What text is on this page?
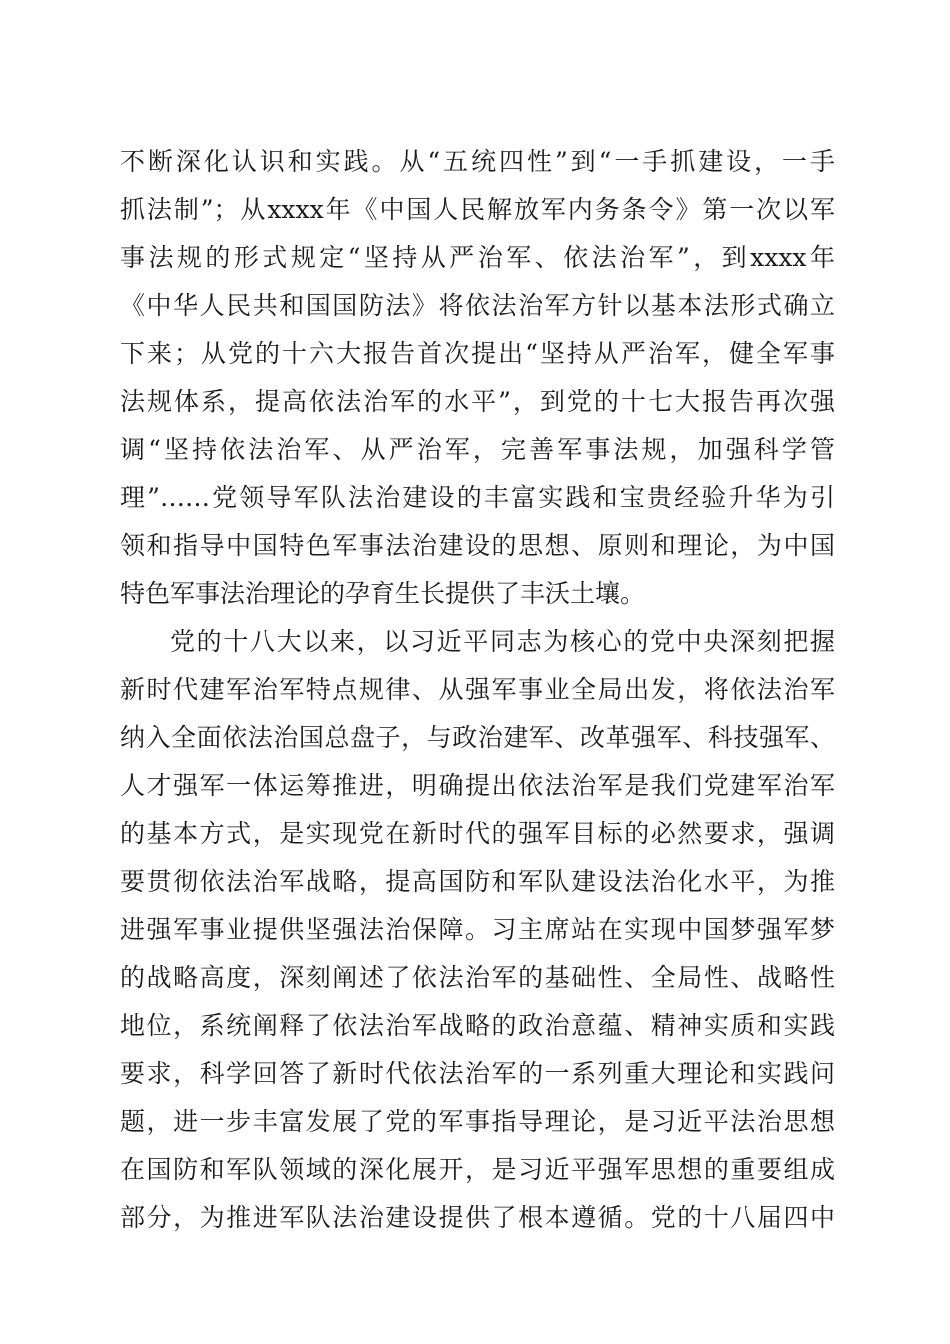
不断深化认识和实践。从“五统四性”到“一手抓建设，一手
抓法制”；从xxxx年《中国人民解放军内务条令》第一次以军
事法规的形式规定“坚持从严治军、依法治军”，到xxxx年
《中华人民共和国国防法》将依法治军方针以基本法形式确立
下来；从党的十六大报告首次提出“坚持从严治军，健全军事
法规体系，提高依法治军的水平”，到党的十七大报告再次强
调“坚持依法治军、从严治军，完善军事法规，加强科学管
理”……党领导军队法治建设的丰富实践和宝贵经验升华为引
领和指导中国特色军事法治建设的思想、原则和理论，为中国
特色军事法治理论的孕育生长提供了丰沃土壤。
党的十八大以来，以习近平同志为核心的党中央深刻把握
新时代建军治军特点规律、从强军事业全局出发，将依法治军
纳入全面依法治国总盘子，与政治建军、改革强军、科技强军、
人才强军一体运筹推进，明确提出依法治军是我们党建军治军
的基本方式，是实现党在新时代的强军目标的必然要求，强调
要贯彻依法治军战略，提高国防和军队建设法治化水平，为推
进强军事业提供坚强法治保障。习主席站在实现中国梦强军梦
的战略高度，深刻阐述了依法治军的基础性、全局性、战略性
地位，系统阐释了依法治军战略的政治意蕴、精神实质和实践
要求，科学回答了新时代依法治军的一系列重大理论和实践问
题，进一步丰富发展了党的军事指导理论，是习近平法治思想
在国防和军队领域的深化展开，是习近平强军思想的重要组成
部分，为推进军队法治建设提供了根本遵循。党的十八届四中
